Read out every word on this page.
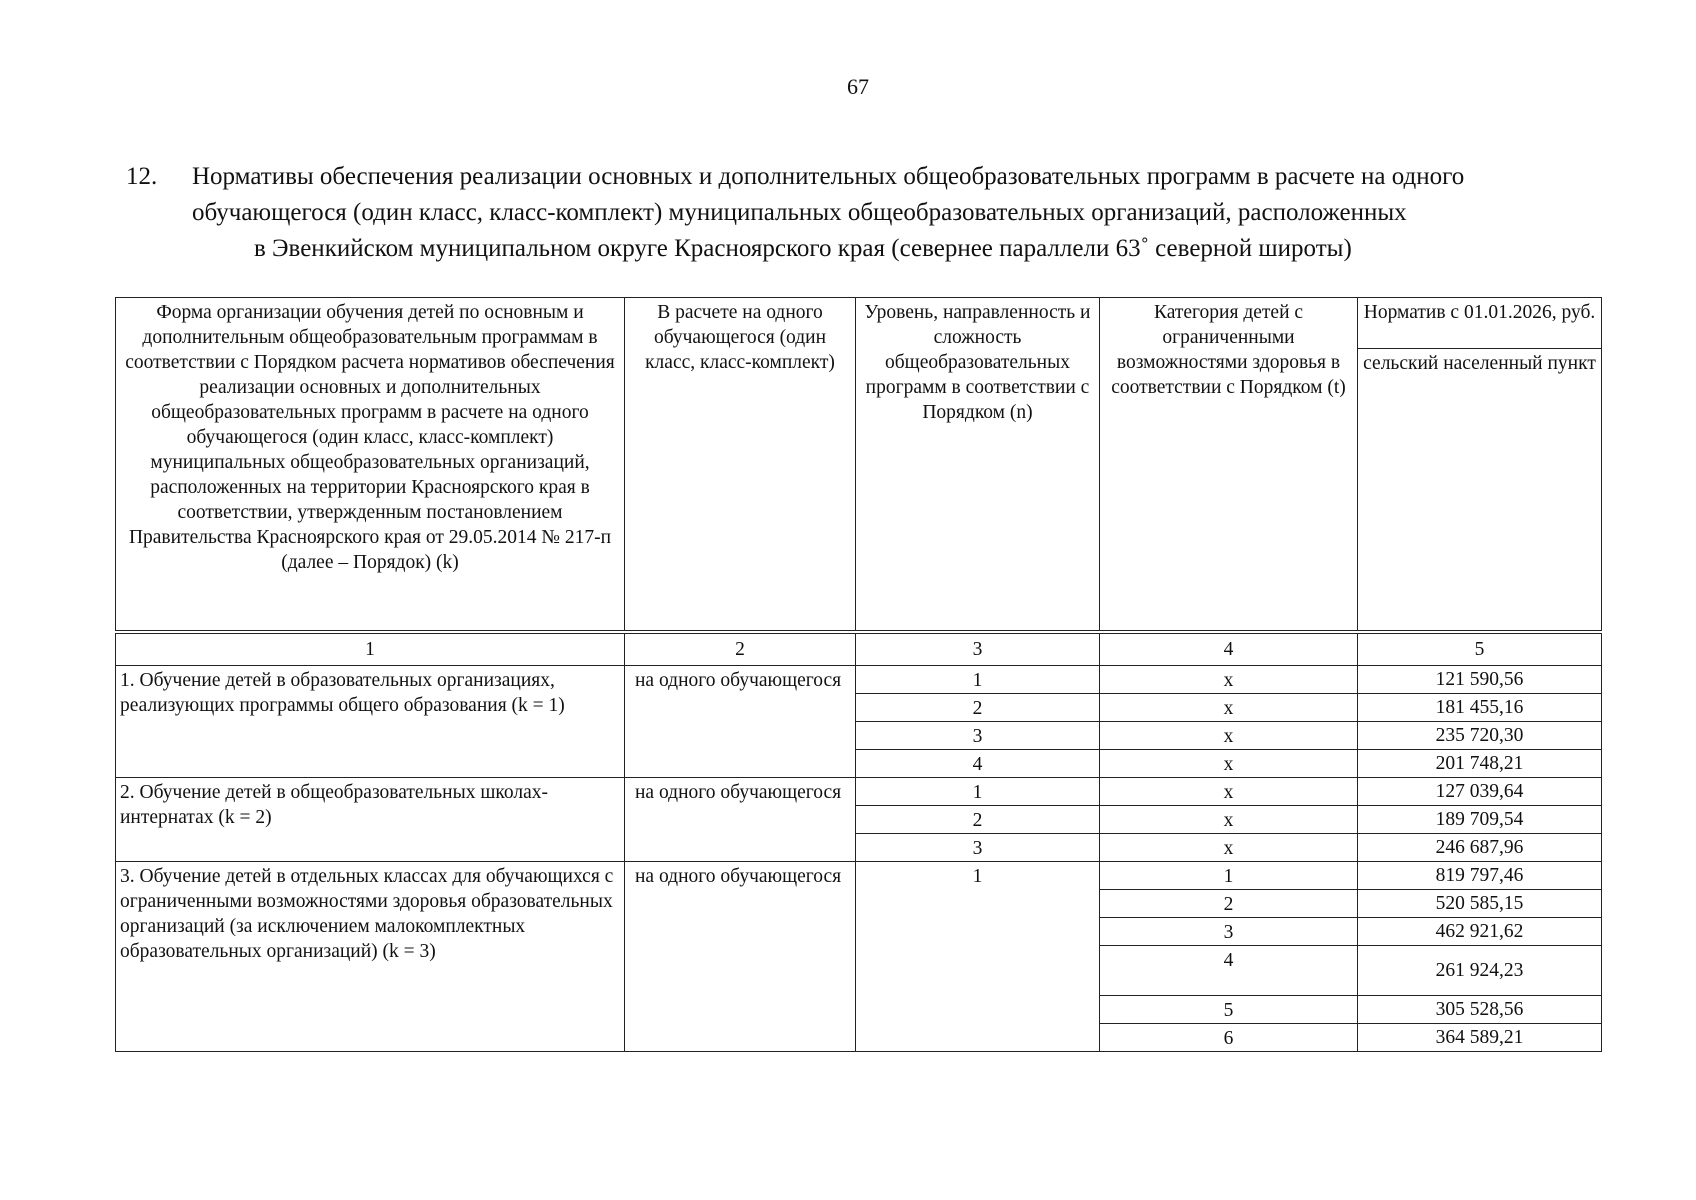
67
12.	Нормативы обеспечения реализации основных и дополнительных общеобразовательных программ в расчете на одного
обучающегося (один класс, класс-комплект) муниципальных общеобразовательных организаций, расположенных
в Эвенкийском муниципальном округе Красноярского края (севернее параллели 63˚ северной широты)
Форма организации обучения детей по основным и дополнительным общеобразовательным программам в соответствии с Порядком расчета нормативов обеспечения реализации основных и дополнительных общеобразовательных программ в расчете на одного обучающегося (один класс, класс-комплект) муниципальных общеобразовательных организаций, расположенных на территории Красноярского края в соответствии, утвержденным постановлением Правительства Красноярского края от 29.05.2014 № 217-п (далее – Порядок) (k)	В расчете на одного обучающегося (один класс, класс-комплект)	Уровень, направленность и сложность общеобразовательных программ в соответствии с Порядком (n)	Категория детей с ограниченными возможностями здоровья в соответствии с Порядком (t)	Норматив с 01.01.2026, руб.
				сельский населенный пункт
1	2	3	4	5
1. Обучение детей в образовательных организациях, реализующих программы общего образования (k = 1)	на одного обучающегося	1	x	121 590,56
		2	x	181 455,16
		3	x	235 720,30
		4	x	201 748,21
2. Обучение детей в общеобразовательных школах-интернатах (k = 2)	на одного обучающегося	1	x	127 039,64
		2	x	189 709,54
		3	x	246 687,96
3. Обучение детей в отдельных классах для обучающихся с ограниченными возможностями здоровья образовательных организаций (за исключением малокомплектных образовательных организаций) (k = 3)	на одного обучающегося	1	1	819 797,46
			2	520 585,15
			3	462 921,62
			4	261 924,23
			5	305 528,56
			6	364 589,21
